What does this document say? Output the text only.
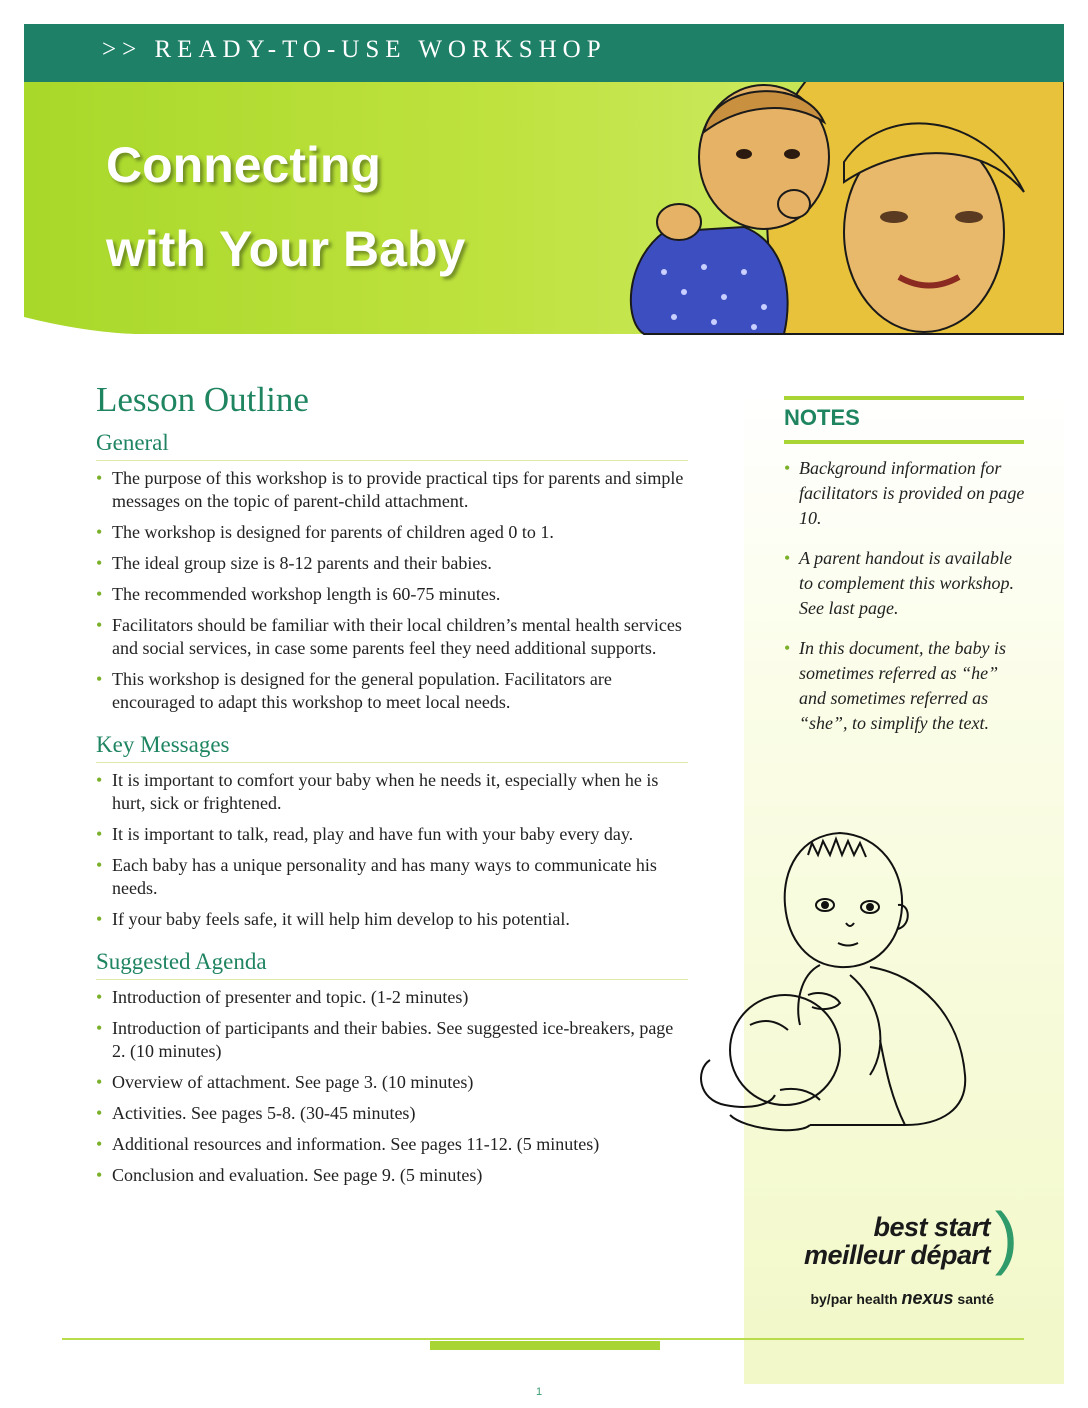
>> READY-TO-USE WORKSHOP
Connecting
with Your Baby
Lesson Outline
General
• The purpose of this workshop is to provide practical tips for parents and simple messages on the topic of parent-child attachment.
• The workshop is designed for parents of children aged 0 to 1.
• The ideal group size is 8-12 parents and their babies.
• The recommended workshop length is 60-75 minutes.
• Facilitators should be familiar with their local children’s mental health services and social services, in case some parents feel they need additional supports.
• This workshop is designed for the general population. Facilitators are encouraged to adapt this workshop to meet local needs.
Key Messages
• It is important to comfort your baby when he needs it, especially when he is hurt, sick or frightened.
• It is important to talk, read, play and have fun with your baby every day.
• Each baby has a unique personality and has many ways to communicate his needs.
• If your baby feels safe, it will help him develop to his potential.
Suggested Agenda
• Introduction of presenter and topic. (1-2 minutes)
• Introduction of participants and their babies. See suggested ice-breakers, page 2. (10 minutes)
• Overview of attachment. See page 3. (10 minutes)
• Activities. See pages 5-8. (30-45 minutes)
• Additional resources and information. See pages 11-12. (5 minutes)
• Conclusion and evaluation. See page 9. (5 minutes)
NOTES
• Background information for facilitators is provided on page 10.
• A parent handout is available to complement this workshop. See last page.
• In this document, the baby is sometimes referred as “he” and sometimes referred as “she”, to simplify the text.
best start
meilleur départ )
by/par health nexus santé
1
